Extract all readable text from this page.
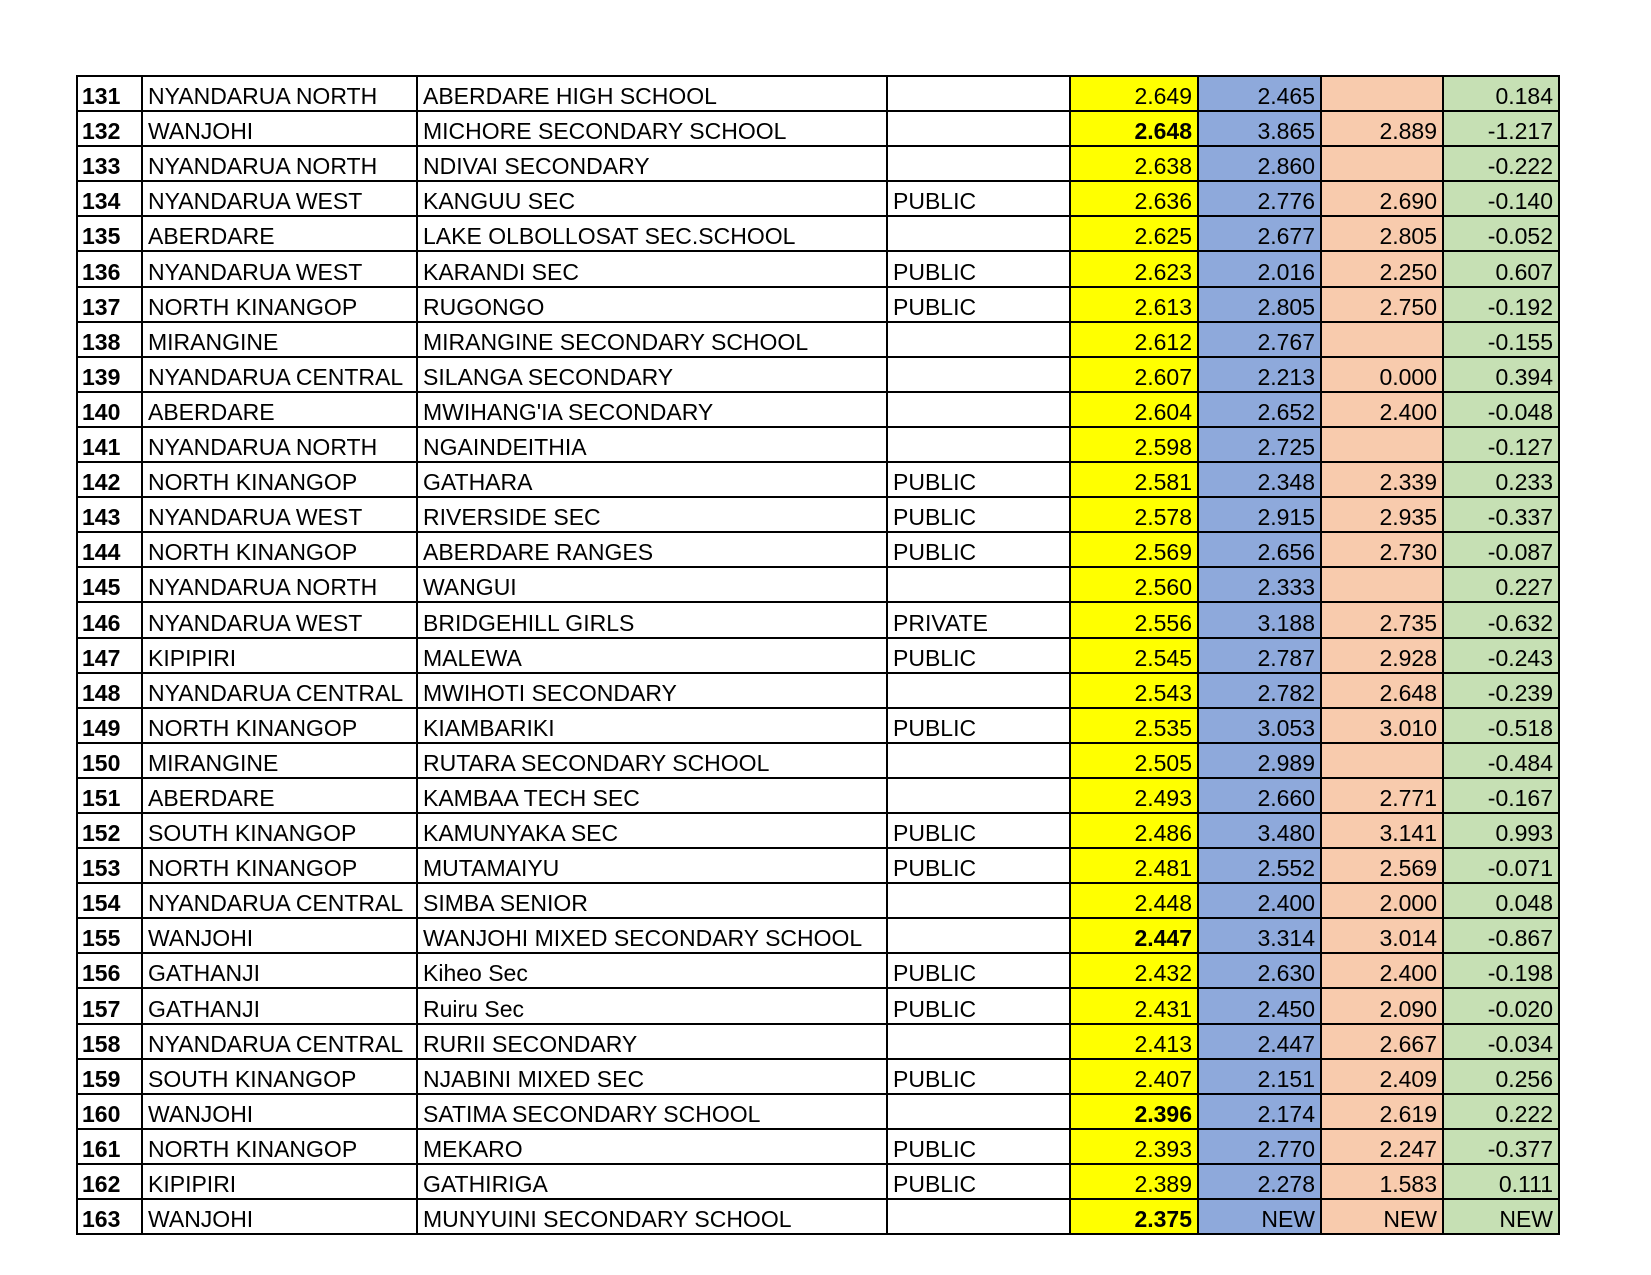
131	NYANDARUA NORTH	ABERDARE HIGH SCHOOL		2.649	2.465		0.184
132	WANJOHI	MICHORE SECONDARY SCHOOL		2.648	3.865	2.889	-1.217
133	NYANDARUA NORTH	NDIVAI SECONDARY		2.638	2.860		-0.222
134	NYANDARUA WEST	KANGUU SEC	PUBLIC	2.636	2.776	2.690	-0.140
135	ABERDARE	LAKE OLBOLLOSAT SEC.SCHOOL		2.625	2.677	2.805	-0.052
136	NYANDARUA WEST	KARANDI SEC	PUBLIC	2.623	2.016	2.250	0.607
137	NORTH KINANGOP	RUGONGO	PUBLIC	2.613	2.805	2.750	-0.192
138	MIRANGINE	MIRANGINE SECONDARY SCHOOL		2.612	2.767		-0.155
139	NYANDARUA CENTRAL	SILANGA SECONDARY		2.607	2.213	0.000	0.394
140	ABERDARE	MWIHANG'IA SECONDARY		2.604	2.652	2.400	-0.048
141	NYANDARUA NORTH	NGAINDEITHIA		2.598	2.725		-0.127
142	NORTH KINANGOP	GATHARA	PUBLIC	2.581	2.348	2.339	0.233
143	NYANDARUA WEST	RIVERSIDE SEC	PUBLIC	2.578	2.915	2.935	-0.337
144	NORTH KINANGOP	ABERDARE RANGES	PUBLIC	2.569	2.656	2.730	-0.087
145	NYANDARUA NORTH	WANGUI		2.560	2.333		0.227
146	NYANDARUA WEST	BRIDGEHILL GIRLS	PRIVATE	2.556	3.188	2.735	-0.632
147	KIPIPIRI	MALEWA	PUBLIC	2.545	2.787	2.928	-0.243
148	NYANDARUA CENTRAL	MWIHOTI SECONDARY		2.543	2.782	2.648	-0.239
149	NORTH KINANGOP	KIAMBARIKI	PUBLIC	2.535	3.053	3.010	-0.518
150	MIRANGINE	RUTARA SECONDARY SCHOOL		2.505	2.989		-0.484
151	ABERDARE	KAMBAA TECH SEC		2.493	2.660	2.771	-0.167
152	SOUTH KINANGOP	KAMUNYAKA SEC	PUBLIC	2.486	3.480	3.141	0.993
153	NORTH KINANGOP	MUTAMAIYU	PUBLIC	2.481	2.552	2.569	-0.071
154	NYANDARUA CENTRAL	SIMBA SENIOR		2.448	2.400	2.000	0.048
155	WANJOHI	WANJOHI MIXED SECONDARY SCHOOL		2.447	3.314	3.014	-0.867
156	GATHANJI	Kiheo Sec	PUBLIC	2.432	2.630	2.400	-0.198
157	GATHANJI	Ruiru Sec	PUBLIC	2.431	2.450	2.090	-0.020
158	NYANDARUA CENTRAL	RURII SECONDARY		2.413	2.447	2.667	-0.034
159	SOUTH KINANGOP	NJABINI MIXED SEC	PUBLIC	2.407	2.151	2.409	0.256
160	WANJOHI	SATIMA SECONDARY SCHOOL		2.396	2.174	2.619	0.222
161	NORTH KINANGOP	MEKARO	PUBLIC	2.393	2.770	2.247	-0.377
162	KIPIPIRI	GATHIRIGA	PUBLIC	2.389	2.278	1.583	0.111
163	WANJOHI	MUNYUINI SECONDARY SCHOOL		2.375	NEW	NEW	NEW
